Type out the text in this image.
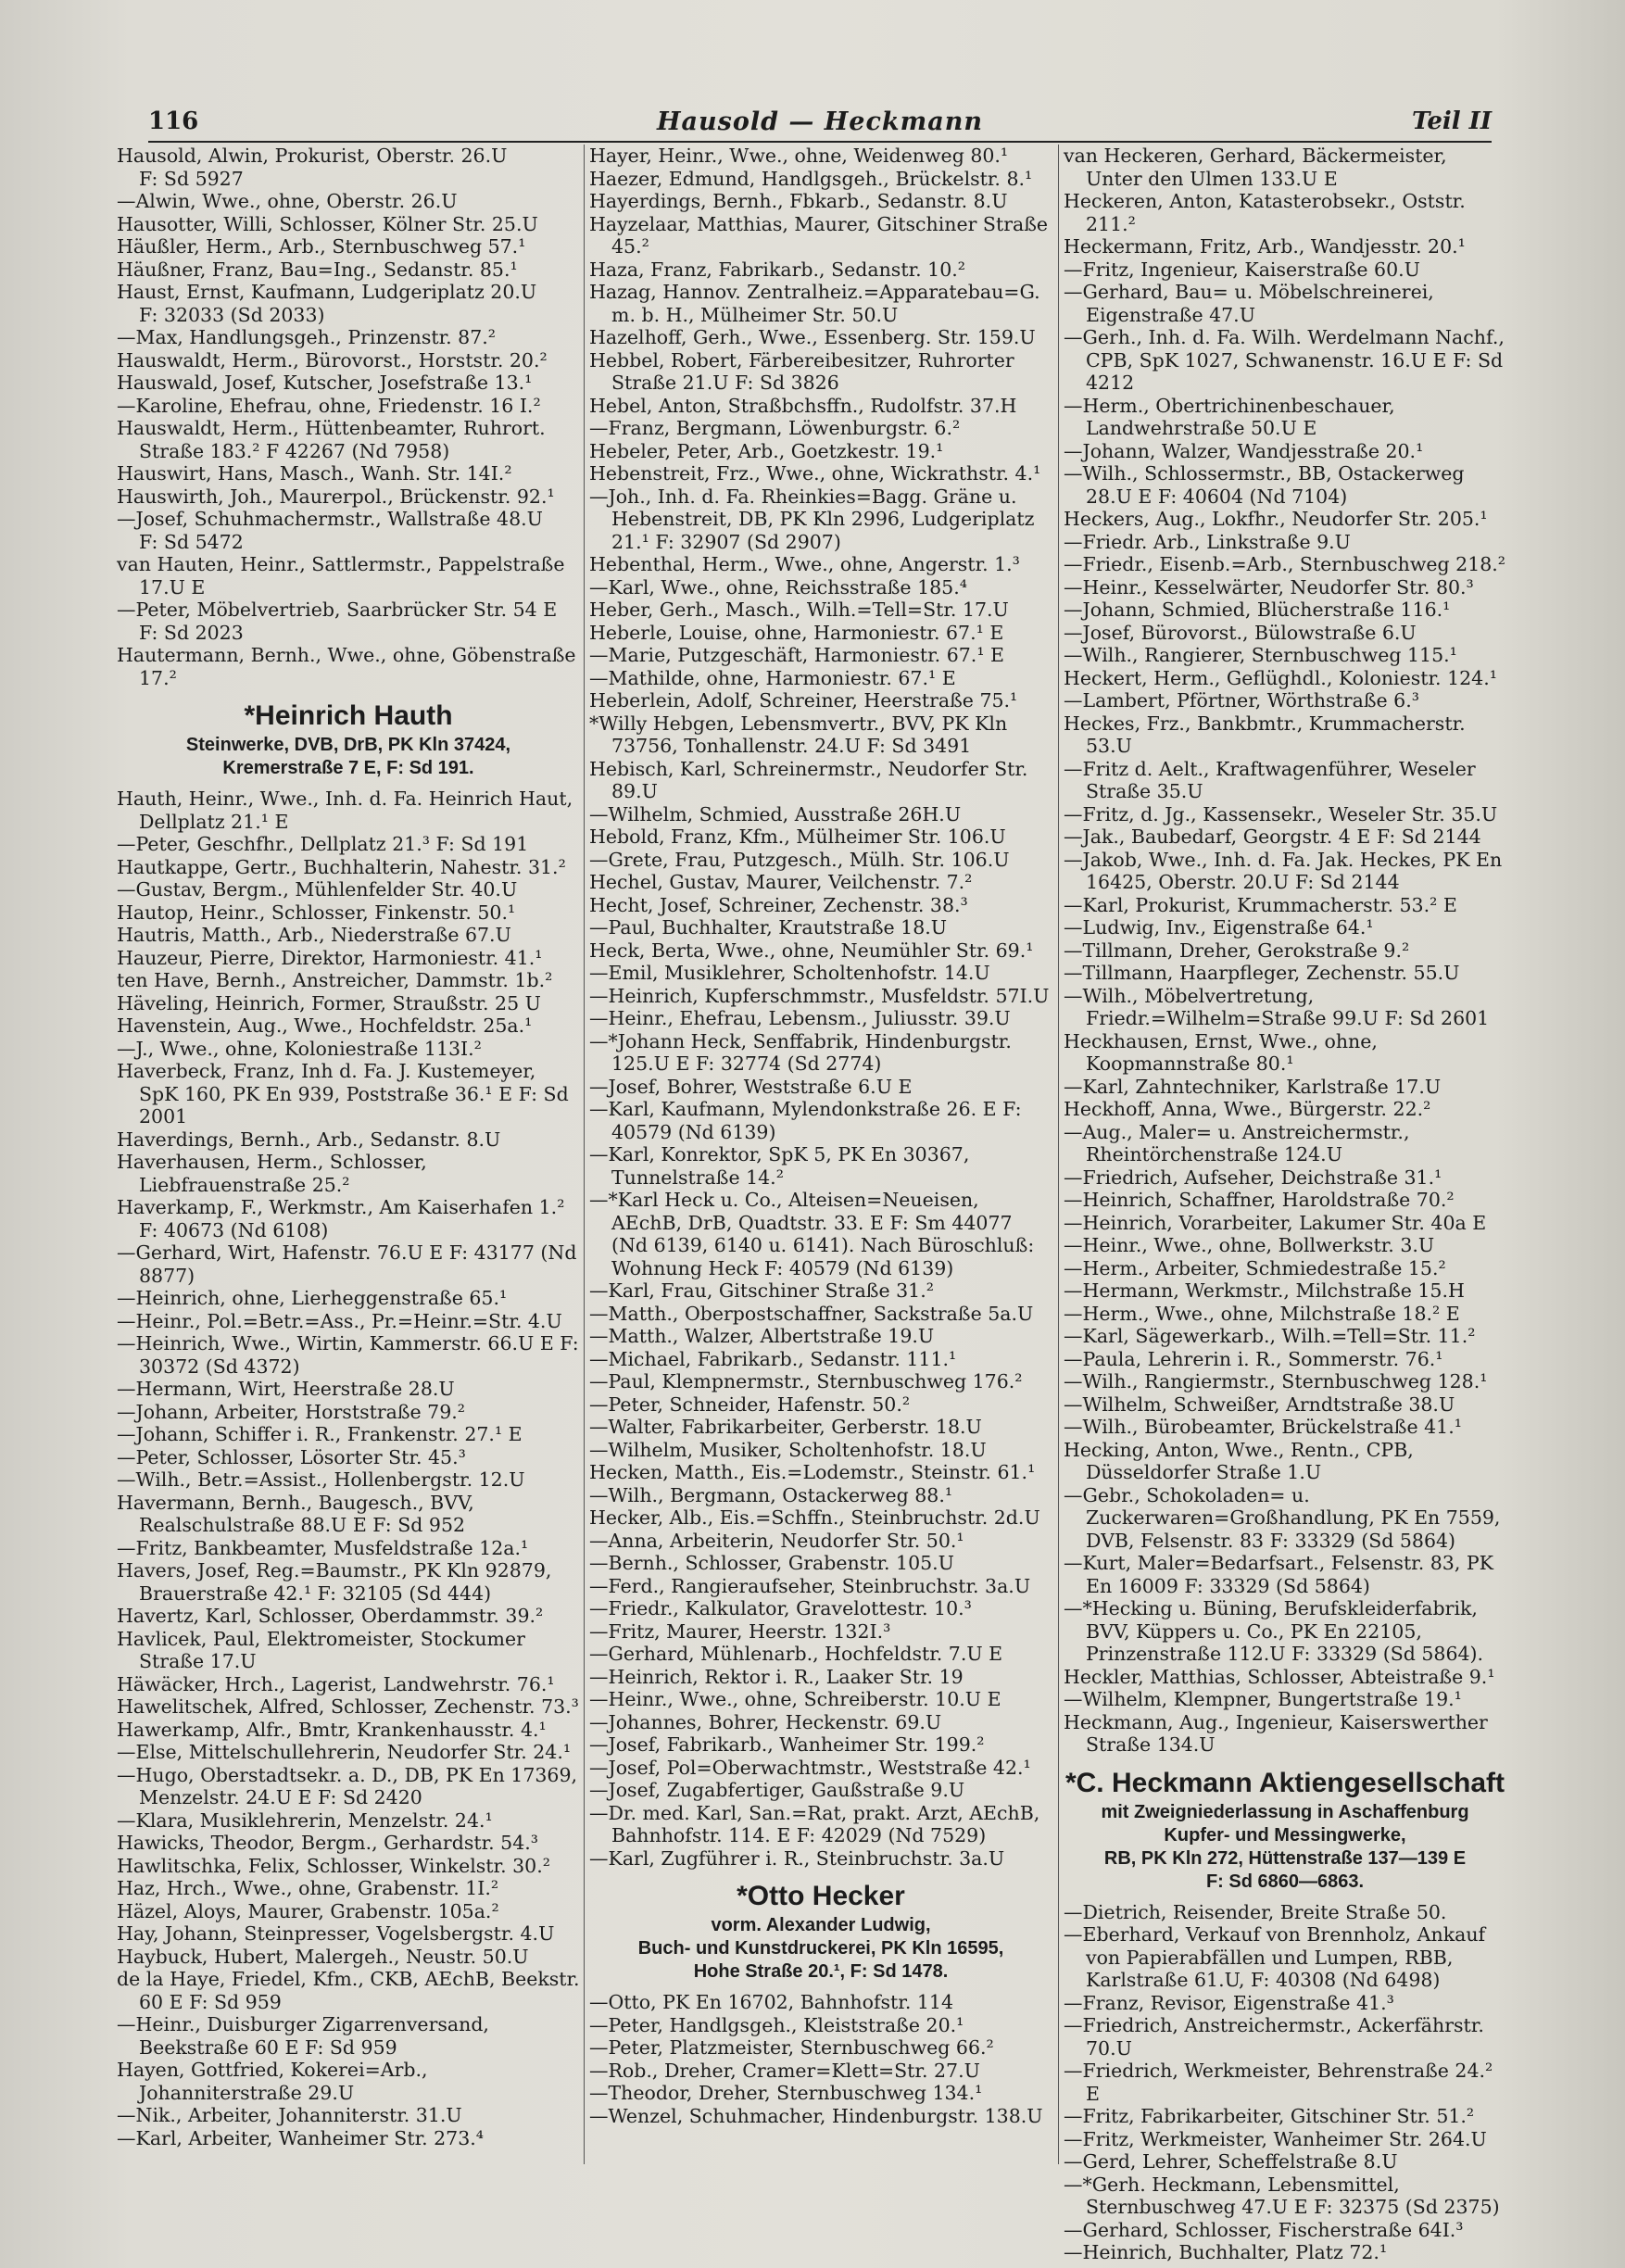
116	Hausold — Heckmann	Teil II

Hausold, Alwin, Prokurist, Oberstr. 26.U
F: Sd 5927

—Alwin, Wwe., ohne, Oberstr. 26.U

Hausotter, Willi, Schlosser, Kölner Str. 25.U

Häußler, Herm., Arb., Sternbuschweg 57.¹

Häußner, Franz, Bau=Ing., Sedanstr. 85.¹

Haust, Ernst, Kaufmann, Ludgeriplatz 20.U
F: 32033 (Sd 2033)

—Max, Handlungsgeh., Prinzenstr. 87.²

Hauswaldt, Herm., Bürovorst., Horststr. 20.²

Hauswald, Josef, Kutscher, Josefstraße 13.¹

—Karoline, Ehefrau, ohne, Friedenstr. 16 I.²

Hauswaldt, Herm., Hüttenbeamter, Ruhrort. Straße 183.² F 42267 (Nd 7958)

Hauswirt, Hans, Masch., Wanh. Str. 14I.²

Hauswirth, Joh., Maurerpol., Brückenstr. 92.¹

—Josef, Schuhmachermstr., Wallstraße 48.U
F: Sd 5472

van Hauten, Heinr., Sattlermstr., Pappelstraße 17.U E

—Peter, Möbelvertrieb, Saarbrücker Str. 54 E F: Sd 2023

Hautermann, Bernh., Wwe., ohne, Göbenstraße 17.²

*Heinrich Hauth
Steinwerke, DVB, DrB, PK Kln 37424,
Kremerstraße 7 E, F: Sd 191.

Hauth, Heinr., Wwe., Inh. d. Fa. Heinrich Haut, Dellplatz 21.¹ E

—Peter, Geschfhr., Dellplatz 21.³ F: Sd 191

Hautkappe, Gertr., Buchhalterin, Nahestr. 31.²

—Gustav, Bergm., Mühlenfelder Str. 40.U

Hautop, Heinr., Schlosser, Finkenstr. 50.¹

Hautris, Matth., Arb., Niederstraße 67.U

Hauzeur, Pierre, Direktor, Harmoniestr. 41.¹

ten Have, Bernh., Anstreicher, Dammstr. 1b.²

Häveling, Heinrich, Former, Straußstr. 25 U

Havenstein, Aug., Wwe., Hochfeldstr. 25a.¹

—J., Wwe., ohne, Koloniestraße 113I.²

Haverbeck, Franz, Inh d. Fa. J. Kustemeyer, SpK 160, PK En 939, Poststraße 36.¹ E F: Sd 2001

Haverdings, Bernh., Arb., Sedanstr. 8.U

Haverhausen, Herm., Schlosser, Liebfrauenstraße 25.²

Haverkamp, F., Werkmstr., Am Kaiserhafen 1.² F: 40673 (Nd 6108)

—Gerhard, Wirt, Hafenstr. 76.U E F: 43177 (Nd 8877)

—Heinrich, ohne, Lierheggenstraße 65.¹

—Heinr., Pol.=Betr.=Ass., Pr.=Heinr.=Str. 4.U

—Heinrich, Wwe., Wirtin, Kammerstr. 66.U E F: 30372 (Sd 4372)

—Hermann, Wirt, Heerstraße 28.U

—Johann, Arbeiter, Horststraße 79.²

—Johann, Schiffer i. R., Frankenstr. 27.¹ E

—Peter, Schlosser, Lösorter Str. 45.³

—Wilh., Betr.=Assist., Hollenbergstr. 12.U

Havermann, Bernh., Baugesch., BVV, Realschulstraße 88.U E F: Sd 952

—Fritz, Bankbeamter, Musfeldstraße 12a.¹

Havers, Josef, Reg.=Baumstr., PK Kln 92879, Brauerstraße 42.¹ F: 32105 (Sd 444)

Havertz, Karl, Schlosser, Oberdammstr. 39.²

Havlicek, Paul, Elektromeister, Stockumer Straße 17.U

Häwäcker, Hrch., Lagerist, Landwehrstr. 76.¹

Hawelitschek, Alfred, Schlosser, Zechenstr. 73.³

Hawerkamp, Alfr., Bmtr, Krankenhausstr. 4.¹

—Else, Mittelschullehrerin, Neudorfer Str. 24.¹

—Hugo, Oberstadtsekr. a. D., DB, PK En 17369, Menzelstr. 24.U E F: Sd 2420

—Klara, Musiklehrerin, Menzelstr. 24.¹

Hawicks, Theodor, Bergm., Gerhardstr. 54.³

Hawlitschka, Felix, Schlosser, Winkelstr. 30.²

Haz, Hrch., Wwe., ohne, Grabenstr. 1I.²

Häzel, Aloys, Maurer, Grabenstr. 105a.²

Hay, Johann, Steinpresser, Vogelsbergstr. 4.U

Haybuck, Hubert, Malergeh., Neustr. 50.U

de la Haye, Friedel, Kfm., CKB, AEchB, Beekstr. 60 E F: Sd 959

—Heinr., Duisburger Zigarrenversand, Beekstraße 60 E F: Sd 959

Hayen, Gottfried, Kokerei=Arb., Johanniterstraße 29.U

—Nik., Arbeiter, Johanniterstr. 31.U

—Karl, Arbeiter, Wanheimer Str. 273.⁴

Hayer, Heinr., Wwe., ohne, Weidenweg 80.¹

Haezer, Edmund, Handlgsgeh., Brückelstr. 8.¹

Hayerdings, Bernh., Fbkarb., Sedanstr. 8.U

Hayzelaar, Matthias, Maurer, Gitschiner Straße 45.²

Haza, Franz, Fabrikarb., Sedanstr. 10.²

Hazag, Hannov. Zentralheiz.=Apparatebau=G. m. b. H., Mülheimer Str. 50.U

Hazelhoff, Gerh., Wwe., Essenberg. Str. 159.U

Hebbel, Robert, Färbereibesitzer, Ruhrorter Straße 21.U F: Sd 3826

Hebel, Anton, Straßbchsffn., Rudolfstr. 37.H

—Franz, Bergmann, Löwenburgstr. 6.²

Hebeler, Peter, Arb., Goetzkestr. 19.¹

Hebenstreit, Frz., Wwe., ohne, Wickrathstr. 4.¹

—Joh., Inh. d. Fa. Rheinkies=Bagg. Gräne u. Hebenstreit, DB, PK Kln 2996, Ludgeriplatz 21.¹ F: 32907 (Sd 2907)

Hebenthal, Herm., Wwe., ohne, Angerstr. 1.³

—Karl, Wwe., ohne, Reichsstraße 185.⁴

Heber, Gerh., Masch., Wilh.=Tell=Str. 17.U

Heberle, Louise, ohne, Harmoniestr. 67.¹ E

—Marie, Putzgeschäft, Harmoniestr. 67.¹ E

—Mathilde, ohne, Harmoniestr. 67.¹ E

Heberlein, Adolf, Schreiner, Heerstraße 75.¹

*Willy Hebgen, Lebensmvertr., BVV, PK Kln 73756, Tonhallenstr. 24.U F: Sd 3491

Hebisch, Karl, Schreinermstr., Neudorfer Str. 89.U

—Wilhelm, Schmied, Ausstraße 26H.U

Hebold, Franz, Kfm., Mülheimer Str. 106.U

—Grete, Frau, Putzgesch., Mülh. Str. 106.U

Hechel, Gustav, Maurer, Veilchenstr. 7.²

Hecht, Josef, Schreiner, Zechenstr. 38.³

—Paul, Buchhalter, Krautstraße 18.U

Heck, Berta, Wwe., ohne, Neumühler Str. 69.¹

—Emil, Musiklehrer, Scholtenhofstr. 14.U

—Heinrich, Kupferschmmstr., Musfeldstr. 57I.U

—Heinr., Ehefrau, Lebensm., Juliusstr. 39.U

—*Johann Heck, Senffabrik, Hindenburgstr. 125.U E F: 32774 (Sd 2774)

—Josef, Bohrer, Weststraße 6.U E

—Karl, Kaufmann, Mylendonkstraße 26. E F: 40579 (Nd 6139)

—Karl, Konrektor, SpK 5, PK En 30367, Tunnelstraße 14.²

—*Karl Heck u. Co., Alteisen=Neueisen, AEchB, DrB, Quadtstr. 33. E F: Sm 44077 (Nd 6139, 6140 u. 6141). Nach Büroschluß: Wohnung Heck F: 40579 (Nd 6139)

—Karl, Frau, Gitschiner Straße 31.²

—Matth., Oberpostschaffner, Sackstraße 5a.U

—Matth., Walzer, Albertstraße 19.U

—Michael, Fabrikarb., Sedanstr. 111.¹

—Paul, Klempnermstr., Sternbuschweg 176.²

—Peter, Schneider, Hafenstr. 50.²

—Walter, Fabrikarbeiter, Gerberstr. 18.U

—Wilhelm, Musiker, Scholtenhofstr. 18.U

Hecken, Matth., Eis.=Lodemstr., Steinstr. 61.¹

—Wilh., Bergmann, Ostackerweg 88.¹

Hecker, Alb., Eis.=Schffn., Steinbruchstr. 2d.U

—Anna, Arbeiterin, Neudorfer Str. 50.¹

—Bernh., Schlosser, Grabenstr. 105.U

—Ferd., Rangieraufseher, Steinbruchstr. 3a.U

—Friedr., Kalkulator, Gravelottestr. 10.³

—Fritz, Maurer, Heerstr. 132I.³

—Gerhard, Mühlenarb., Hochfeldstr. 7.U E

—Heinrich, Rektor i. R., Laaker Str. 19

—Heinr., Wwe., ohne, Schreiberstr. 10.U E

—Johannes, Bohrer, Heckenstr. 69.U

—Josef, Fabrikarb., Wanheimer Str. 199.²

—Josef, Pol=Oberwachtmstr., Weststraße 42.¹

—Josef, Zugabfertiger, Gaußstraße 9.U

—Dr. med. Karl, San.=Rat, prakt. Arzt, AEchB, Bahnhofstr. 114. E F: 42029 (Nd 7529)

—Karl, Zugführer i. R., Steinbruchstr. 3a.U

*Otto Hecker
vorm. Alexander Ludwig,
Buch- und Kunstdruckerei, PK Kln 16595,
Hohe Straße 20.¹, F: Sd 1478.

—Otto, PK En 16702, Bahnhofstr. 114

—Peter, Handlgsgeh., Kleiststraße 20.¹

—Peter, Platzmeister, Sternbuschweg 66.²

—Rob., Dreher, Cramer=Klett=Str. 27.U

—Theodor, Dreher, Sternbuschweg 134.¹

—Wenzel, Schuhmacher, Hindenburgstr. 138.U

van Heckeren, Gerhard, Bäckermeister, Unter den Ulmen 133.U E

Heckeren, Anton, Katasterobsekr., Oststr. 211.²

Heckermann, Fritz, Arb., Wandjesstr. 20.¹

—Fritz, Ingenieur, Kaiserstraße 60.U

—Gerhard, Bau= u. Möbelschreinerei, Eigenstraße 47.U

—Gerh., Inh. d. Fa. Wilh. Werdelmann Nachf., CPB, SpK 1027, Schwanenstr. 16.U E F: Sd 4212

—Herm., Obertrichinenbeschauer, Landwehrstraße 50.U E

—Johann, Walzer, Wandjesstraße 20.¹

—Wilh., Schlossermstr., BB, Ostackerweg 28.U E F: 40604 (Nd 7104)

Heckers, Aug., Lokfhr., Neudorfer Str. 205.¹

—Friedr. Arb., Linkstraße 9.U

—Friedr., Eisenb.=Arb., Sternbuschweg 218.²

—Heinr., Kesselwärter, Neudorfer Str. 80.³

—Johann, Schmied, Blücherstraße 116.¹

—Josef, Bürovorst., Bülowstraße 6.U

—Wilh., Rangierer, Sternbuschweg 115.¹

Heckert, Herm., Geflüghdl., Koloniestr. 124.¹

—Lambert, Pförtner, Wörthstraße 6.³

Heckes, Frz., Bankbmtr., Krummacherstr. 53.U

—Fritz d. Aelt., Kraftwagenführer, Weseler Straße 35.U

—Fritz, d. Jg., Kassensekr., Weseler Str. 35.U

—Jak., Baubedarf, Georgstr. 4 E F: Sd 2144

—Jakob, Wwe., Inh. d. Fa. Jak. Heckes, PK En 16425, Oberstr. 20.U F: Sd 2144

—Karl, Prokurist, Krummacherstr. 53.² E

—Ludwig, Inv., Eigenstraße 64.¹

—Tillmann, Dreher, Gerokstraße 9.²

—Tillmann, Haarpfleger, Zechenstr. 55.U

—Wilh., Möbelvertretung, Friedr.=Wilhelm=Straße 99.U F: Sd 2601

Heckhausen, Ernst, Wwe., ohne, Koopmannstraße 80.¹

—Karl, Zahntechniker, Karlstraße 17.U

Heckhoff, Anna, Wwe., Bürgerstr. 22.²

—Aug., Maler= u. Anstreichermstr., Rheintörchenstraße 124.U

—Friedrich, Aufseher, Deichstraße 31.¹

—Heinrich, Schaffner, Haroldstraße 70.²

—Heinrich, Vorarbeiter, Lakumer Str. 40a E

—Heinr., Wwe., ohne, Bollwerkstr. 3.U

—Herm., Arbeiter, Schmiedestraße 15.²

—Hermann, Werkmstr., Milchstraße 15.H

—Herm., Wwe., ohne, Milchstraße 18.² E

—Karl, Sägewerkarb., Wilh.=Tell=Str. 11.²

—Paula, Lehrerin i. R., Sommerstr. 76.¹

—Wilh., Rangiermstr., Sternbuschweg 128.¹

—Wilhelm, Schweißer, Arndtstraße 38.U

—Wilh., Bürobeamter, Brückelstraße 41.¹

Hecking, Anton, Wwe., Rentn., CPB, Düsseldorfer Straße 1.U

—Gebr., Schokoladen= u. Zuckerwaren=Großhandlung, PK En 7559, DVB, Felsenstr. 83 F: 33329 (Sd 5864)

—Kurt, Maler=Bedarfsart., Felsenstr. 83, PK En 16009 F: 33329 (Sd 5864)

—*Hecking u. Büning, Berufskleiderfabrik, BVV, Küppers u. Co., PK En 22105, Prinzenstraße 112.U F: 33329 (Sd 5864).

Heckler, Matthias, Schlosser, Abteistraße 9.¹

—Wilhelm, Klempner, Bungertstraße 19.¹

Heckmann, Aug., Ingenieur, Kaiserswerther Straße 134.U

*C. Heckmann Aktiengesellschaft
mit Zweigniederlassung in Aschaffenburg
Kupfer- und Messingwerke,
RB, PK Kln 272, Hüttenstraße 137—139 E
F: Sd 6860—6863.

—Dietrich, Reisender, Breite Straße 50.

—Eberhard, Verkauf von Brennholz, Ankauf von Papierabfällen und Lumpen, RBB, Karlstraße 61.U, F: 40308 (Nd 6498)

—Franz, Revisor, Eigenstraße 41.³

—Friedrich, Anstreichermstr., Ackerfährstr. 70.U

—Friedrich, Werkmeister, Behrenstraße 24.² E

—Fritz, Fabrikarbeiter, Gitschiner Str. 51.²

—Fritz, Werkmeister, Wanheimer Str. 264.U

—Gerd, Lehrer, Scheffelstraße 8.U

—*Gerh. Heckmann, Lebensmittel, Sternbuschweg 47.U E F: 32375 (Sd 2375)

—Gerhard, Schlosser, Fischerstraße 64I.³

—Heinrich, Buchhalter, Platz 72.¹
